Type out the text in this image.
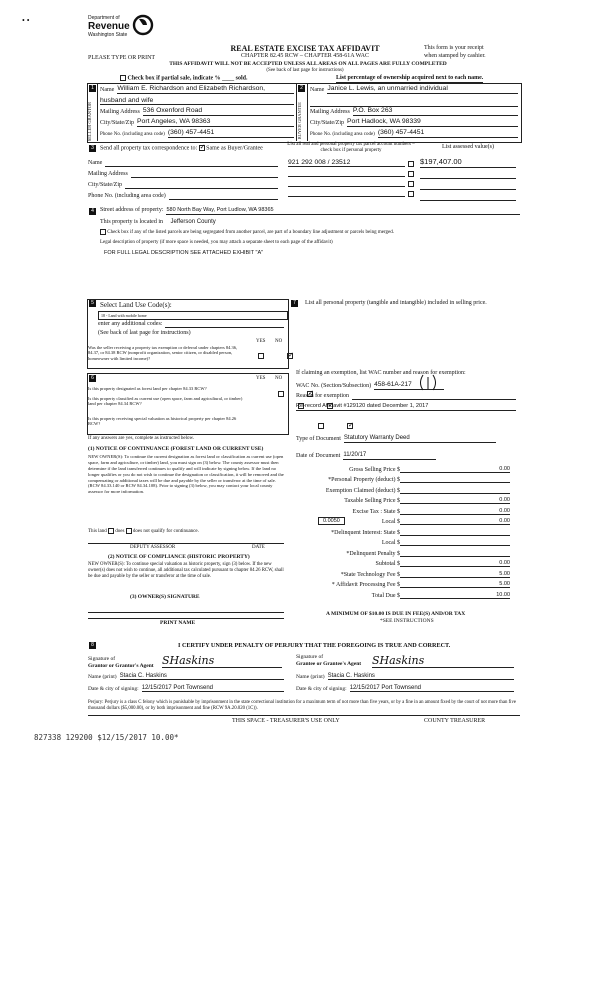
• •	Department of
Revenue
Washington State
REAL ESTATE EXCISE TAX AFFIDAVIT
CHAPTER 82.45 RCW – CHAPTER 458-61A WAC
This form is your receipt
when stamped by cashier.
PLEASE TYPE OR PRINT
THIS AFFIDAVIT WILL NOT BE ACCEPTED UNLESS ALL AREAS ON ALL PAGES ARE FULLY COMPLETED
(See back of last page for instructions)
Check box if partial sale, indicate % ____ sold.	List percentage of ownership acquired next to each name.
1	2
SELLER GRANTOR	BUYER GRANTEE
Name William E. Richardson and Elizabeth Richardson,
husband and wife
Mailing Address 536 Oxenford Road
City/State/Zip Port Angeles, WA 98363
Phone No. (including area code) (360) 457-4451
Name Janice L. Lewis, an unmarried individual
Mailing Address P.O. Box 263
City/State/Zip Port Hadlock, WA 98339
Phone No. (including area code) (360) 457-4451
3	Send all property tax correspondence to: ✓ Same as Buyer/Grantee
List all real and personal property tax parcel account numbers – check box if personal property	List assessed value(s)
Name
Mailing Address
City/State/Zip
Phone No. (including area code)
921 292 008 / 23512	$197,407.00
4	Street address of property: 580 North Bay Way, Port Ludlow, WA 98365
This property is located in Jefferson County
Check box if any of the listed parcels are being segregated from another parcel, are part of a boundary line adjustment or parcels being merged.
Legal description of property (if more space is needed, you may attach a separate sheet to each page of the affidavit)
FOR FULL LEGAL DESCRIPTION SEE ATTACHED EXHIBIT "A"
5 Select Land Use Code(s):
18 - Land with mobile home
enter any additional codes:
(See back of last page for instructions)
YES NO
Was the seller receiving a property tax exemption or deferral under chapters 84.36, 84.37, or 84.38 RCW (nonprofit organization, senior citizen, or disabled person, homeowner with limited income)?
✓
6	YES NO
Is this property designated as forest land per chapter 84.33 RCW?
✓
Is this property classified as current use (open space, farm and agricultural, or timber) land per chapter 84.34 RCW?
✓
Is this property receiving special valuation as historical property per chapter 84.26 RCW?
✓
If any answers are yes, complete as instructed below.
(1) NOTICE OF CONTINUANCE (FOREST LAND OR CURRENT USE)
NEW OWNER(S): To continue the current designation as forest land or classification as current use (open space, farm and agriculture, or timber) land, you must sign on (3) below. The county assessor must then determine if the land transferred continues to qualify and will indicate by signing below. If the land no longer qualifies or you do not wish to continue the designation or classification, it will be removed and the compensating or additional taxes will be due and payable by the seller or transferor at the time of sale. (RCW 84.33.140 or RCW 84.34.108). Prior to signing (3) below, you may contact your local county assessor for more information.
This land does does not qualify for continuance.
DEPUTY ASSESSOR	DATE
(2) NOTICE OF COMPLIANCE (HISTORIC PROPERTY)
NEW OWNER(S): To continue special valuation as historic property, sign (3) below. If the new owner(s) does not wish to continue, all additional tax calculated pursuant to chapter 84.26 RCW, shall be due and payable by the seller or transferor at the time of sale.
(3) OWNER(S) SIGNATURE
PRINT NAME
7	List all personal property (tangible and intangible) included in selling price.
If claiming an exemption, list WAC number and reason for exemption:
WAC No. (Section/Subsection) 458-61A-217
Reason for exemption
Re-record Affidavit #129120 dated December 1, 2017
Type of Document Statutory Warranty Deed
Date of Document 11/20/17
Gross Selling Price $	0.00
*Personal Property (deduct) $
Exemption Claimed (deduct) $
Taxable Selling Price $	0.00
Excise Tax : State $	0.00
0.0050	Local $	0.00
*Delinquent Interest: State $
Local $
*Delinquent Penalty $
Subtotal $	0.00
*State Technology Fee $	5.00
* Affidavit Processing Fee $	5.00
Total Due $	10.00
A MINIMUM OF $10.00 IS DUE IN FEE(S) AND/OR TAX
*SEE INSTRUCTIONS
8	I CERTIFY UNDER PENALTY OF PERJURY THAT THE FOREGOING IS TRUE AND CORRECT.
Signature of
Grantor or Grantor's Agent SHaskins
Name (print) Stacia C. Haskins
Date & city of signing: 12/15/2017 Port Townsend
Signature of
Grantee or Grantee's Agent SHaskins
Name (print) Stacia C. Haskins
Date & city of signing: 12/15/2017 Port Townsend
Perjury: Perjury is a class C felony which is punishable by imprisonment in the state correctional institution for a maximum term of not more than five years, or by a fine in an amount fixed by the court of not more than five thousand dollars ($5,000.00), or by both imprisonment and fine (RCW 9A.20.020 (1C)).
THIS SPACE - TREASURER'S USE ONLY	COUNTY TREASURER
827338 129200 $12/15/2017 10.00*
